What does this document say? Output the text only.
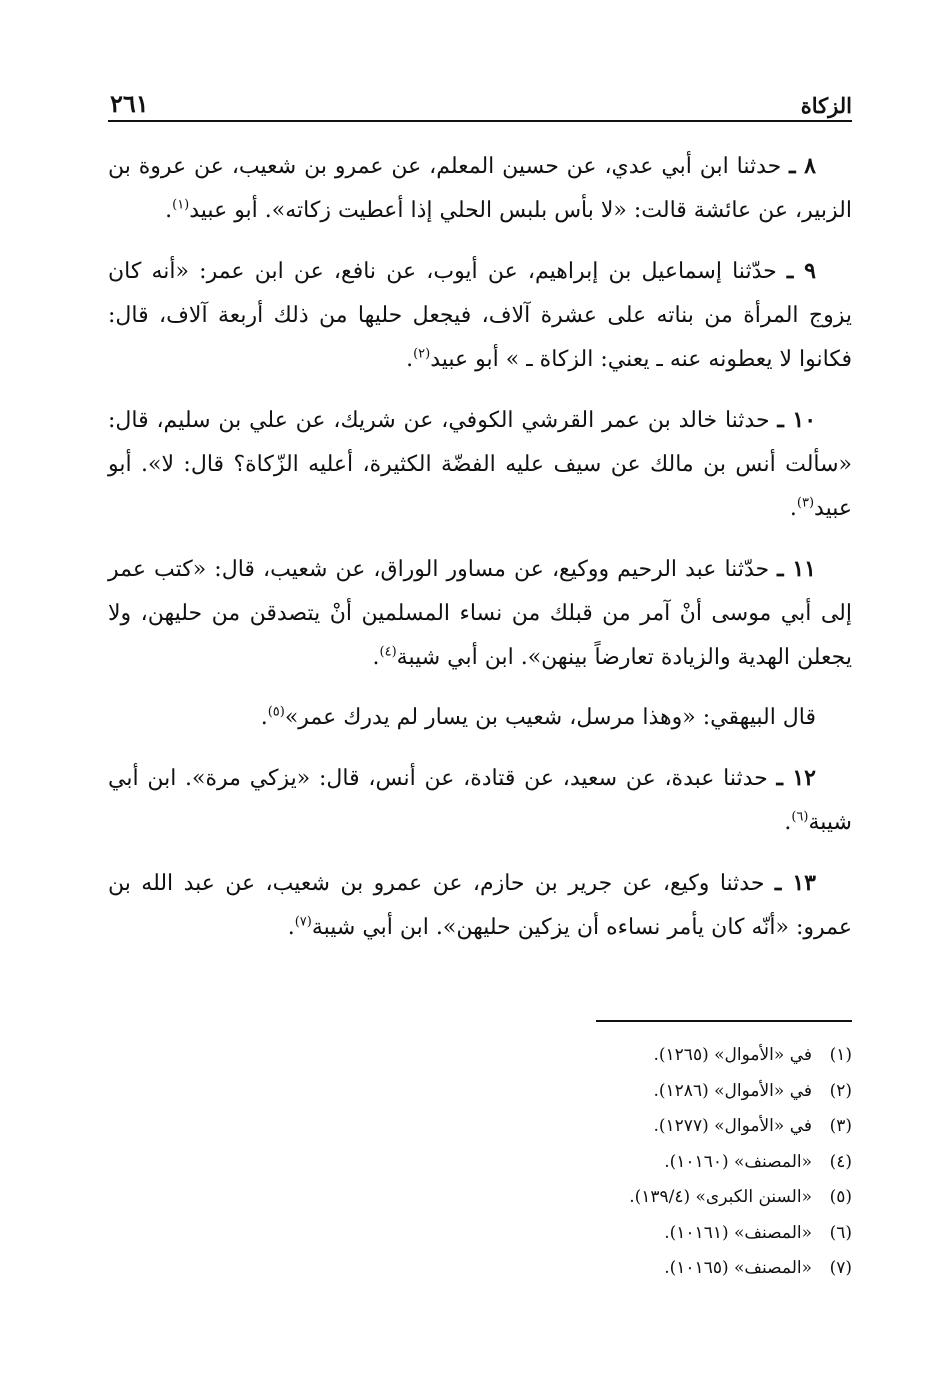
الزكاة
٢٦١

٨ ـ حدثنا ابن أبي عدي، عن حسين المعلم، عن عمرو بن شعيب، عن عروة بن الزبير، عن عائشة قالت: «لا بأس بلبس الحلي إذا أعطيت زكاته». أبو عبيد$^{(١)}$.

٩ ـ حدّثنا إسماعيل بن إبراهيم، عن أيوب، عن نافع، عن ابن عمر: «أنه كان يزوج المرأة من بناته على عشرة آلاف، فيجعل حليها من ذلك أربعة آلاف، قال: فكانوا لا يعطونه عنه ـ يعني: الزكاة ـ » أبو عبيد$^{(٢)}$.

١٠ ـ حدثنا خالد بن عمر القرشي الكوفي، عن شريك، عن علي بن سليم، قال: «سألت أنس بن مالك عن سيف عليه الفضّة الكثيرة، أعليه الزّكاة؟ قال: لا». أبو عبيد$^{(٣)}$.

١١ ـ حدّثنا عبد الرحيم ووكيع، عن مساور الوراق، عن شعيب، قال: «كتب عمر إلى أبي موسى أنْ آمر من قبلك من نساء المسلمين أنْ يتصدقن من حليهن، ولا يجعلن الهدية والزيادة تعارضاً بينهن». ابن أبي شيبة$^{(٤)}$.

قال البيهقي: «وهذا مرسل، شعيب بن يسار لم يدرك عمر»$^{(٥)}$.

١٢ ـ حدثنا عبدة، عن سعيد، عن قتادة، عن أنس، قال: «يزكي مرة». ابن أبي شيبة$^{(٦)}$.

١٣ ـ حدثنا وكيع، عن جرير بن حازم، عن عمرو بن شعيب، عن عبد الله بن عمرو: «أنّه كان يأمر نساءه أن يزكين حليهن». ابن أبي شيبة$^{(٧)}$.

(١)في «الأموال» (١٢٦٥).
(٢)في «الأموال» (١٢٨٦).
(٣)في «الأموال» (١٢٧٧).
(٤)«المصنف» (١٠١٦٠).
(٥)«السنن الكبرى» (١٣٩/٤).
(٦)«المصنف» (١٠١٦١).
(٧)«المصنف» (١٠١٦٥).
